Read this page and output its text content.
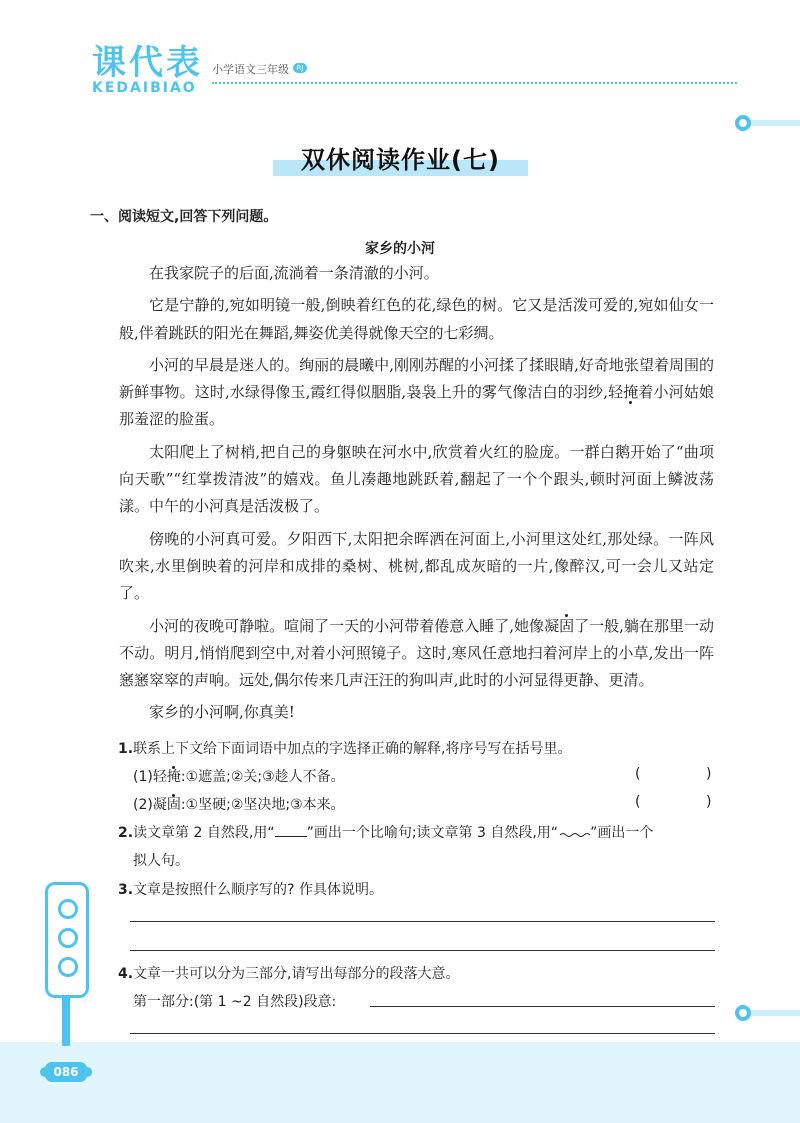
课代表
KEDAIBIAO
小学语文三年级	RJ
双休阅读作业(七)
一、阅读短文,回答下列问题。
家乡的小河

在我家院子的后面,流淌着一条清澈的小河。

它是宁静的,宛如明镜一般,倒映着红色的花,绿色的树。它又是活泼可爱的,宛如仙女一般,伴着跳跃的阳光在舞蹈,舞姿优美得就像天空的七彩绸。

小河的早晨是迷人的。绚丽的晨曦中,刚刚苏醒的小河揉了揉眼睛,好奇地张望着周围的新鲜事物。这时,水绿得像玉,霞红得似胭脂,袅袅上升的雾气像洁白的羽纱,轻掩着小河姑娘那羞涩的脸蛋。

太阳爬上了树梢,把自己的身躯映在河水中,欣赏着火红的脸庞。一群白鹅开始了“曲项向天歌”“红掌拨清波”的嬉戏。鱼儿凑趣地跳跃着,翻起了一个个跟头,顿时河面上鳞波荡漾。中午的小河真是活泼极了。

傍晚的小河真可爱。夕阳西下,太阳把余晖洒在河面上,小河里这处红,那处绿。一阵风吹来,水里倒映着的河岸和成排的桑树、桃树,都乱成灰暗的一片,像醉汉,可一会儿又站定了。

小河的夜晚可静啦。喧闹了一天的小河带着倦意入睡了,她像凝固了一般,躺在那里一动不动。明月,悄悄爬到空中,对着小河照镜子。这时,寒风任意地扫着河岸上的小草,发出一阵窸窸窣窣的声响。远处,偶尔传来几声汪汪的狗叫声,此时的小河显得更静、更清。

家乡的小河啊,你真美!

1.联系上下文给下面词语中加点的字选择正确的解释,将序号写在括号里。
(1)轻掩:①遮盖;②关;③趁人不备。	(	)
(2)凝固:①坚硬;②坚决地;③本来。	(	)
2.读文章第 2 自然段,用“ ”画出一个比喻句;读文章第 3 自然段,用“ ”画出一个
拟人句。
3.文章是按照什么顺序写的? 作具体说明。
4.文章一共可以分为三部分,请写出每部分的段落大意。
第一部分:(第 1 ~2 自然段)段意:
086
